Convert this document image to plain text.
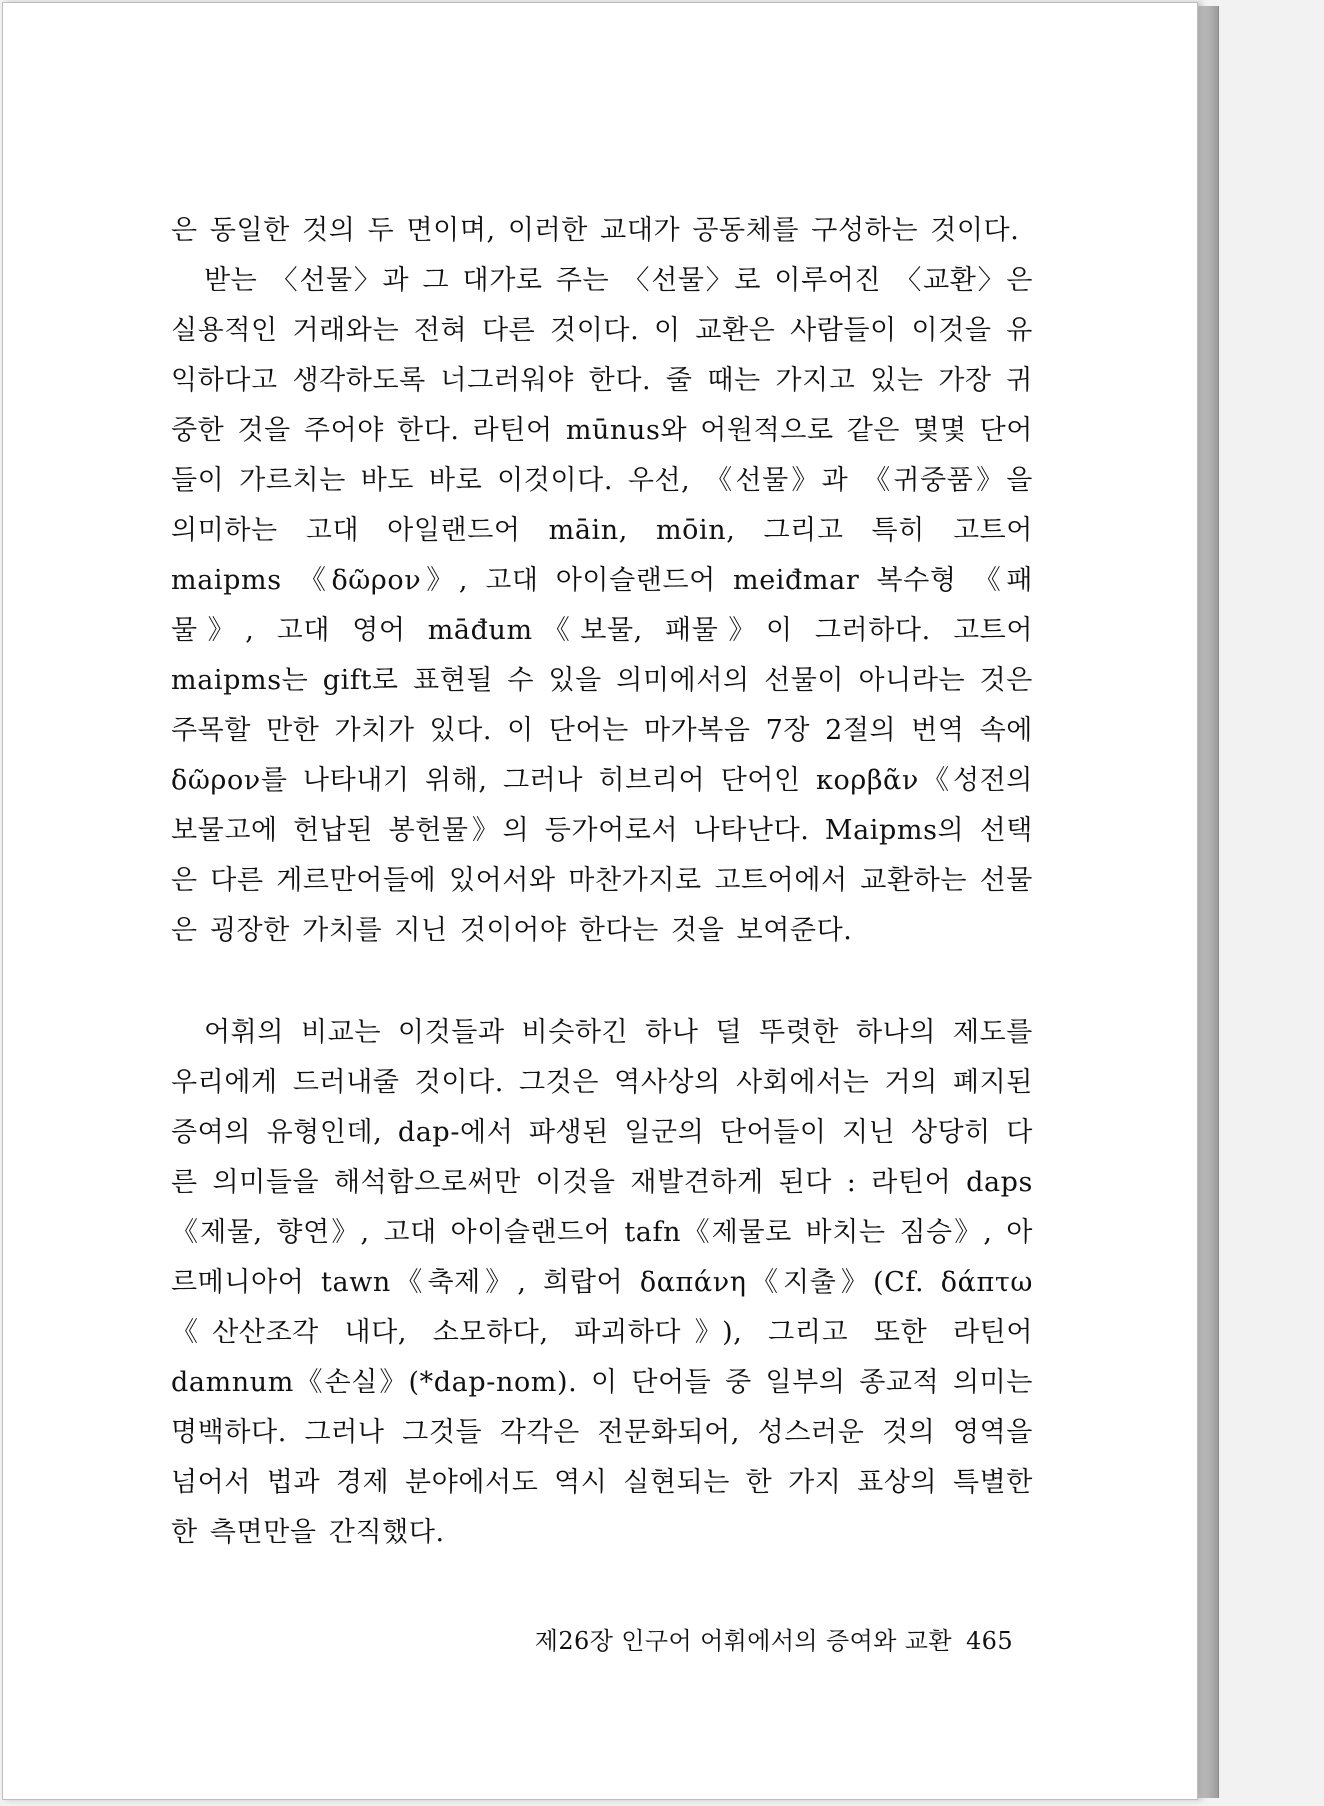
은 동일한 것의 두 면이며, 이러한 교대가 공동체를 구성하는 것이다.

받는 〈선물〉과 그 대가로 주는 〈선물〉로 이루어진 〈교환〉은 실용적인 거래와는 전혀 다른 것이다. 이 교환은 사람들이 이것을 유익하다고 생각하도록 너그러워야 한다. 줄 때는 가지고 있는 가장 귀중한 것을 주어야 한다. 라틴어 mūnus와 어원적으로 같은 몇몇 단어들이 가르치는 바도 바로 이것이다. 우선, 《선물》과 《귀중품》을 의미하는 고대 아일랜드어 māin, mōin, 그리고 특히 고트어 maipms 《δῶρον》, 고대 아이슬랜드어 meiđmar 복수형 《패물》, 고대 영어 māđum《보물, 패물》이 그러하다. 고트어 maipms는 gift로 표현될 수 있을 의미에서의 선물이 아니라는 것은 주목할 만한 가치가 있다. 이 단어는 마가복음 7장 2절의 번역 속에 δῶρον를 나타내기 위해, 그러나 히브리어 단어인 κορβᾶν《성전의 보물고에 헌납된 봉헌물》의 등가어로서 나타난다. Maipms의 선택은 다른 게르만어들에 있어서와 마찬가지로 고트어에서 교환하는 선물은 굉장한 가치를 지닌 것이어야 한다는 것을 보여준다.

어휘의 비교는 이것들과 비슷하긴 하나 덜 뚜렷한 하나의 제도를 우리에게 드러내줄 것이다. 그것은 역사상의 사회에서는 거의 폐지된 증여의 유형인데, dap-에서 파생된 일군의 단어들이 지닌 상당히 다른 의미들을 해석함으로써만 이것을 재발견하게 된다 : 라틴어 daps《제물, 향연》, 고대 아이슬랜드어 tafn《제물로 바치는 짐승》, 아르메니아어 tawn《축제》, 희랍어 δαπάνη《지출》(Cf. δάπτω《산산조각 내다, 소모하다, 파괴하다》), 그리고 또한 라틴어 damnum《손실》(*dap-nom). 이 단어들 중 일부의 종교적 의미는 명백하다. 그러나 그것들 각각은 전문화되어, 성스러운 것의 영역을 넘어서 법과 경제 분야에서도 역시 실현되는 한 가지 표상의 특별한 한 측면만을 간직했다.

제26장 인구어 어휘에서의 증여와 교환 465
